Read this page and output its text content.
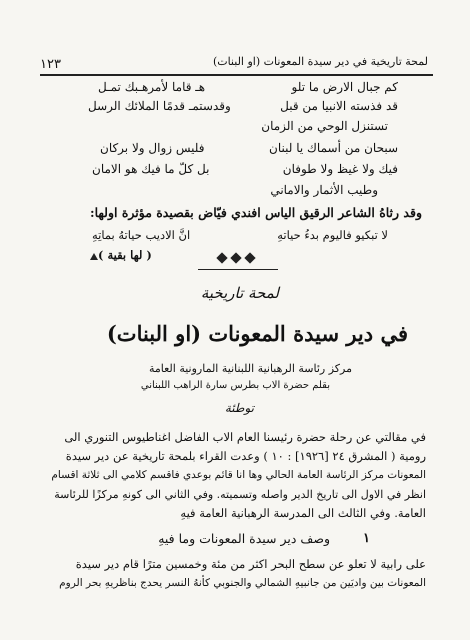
١٢٣	لمحة تاريخية في دير سيدة المعونات (او البنات)
كم جبال الارض ما تلو
هـ قاما لأمرهـبك تمـل
قد فذسته الانبيا من قبل
وقدستمـ قدمًا الملائك الرسل
تستنزل الوحي من الزمان
سبحان من أسماك يا لبنان
فليس زوال ولا بركان
فيك ولا غيظ ولا طوفان
بل كلّ ما فيك هو الامان
وطيب الأثمار والاماني
وقد رثاهُ الشاعر الرقيق الياس افندي فيّاض بقصيدة مؤثرة اولها:
لا تبكيو فاليوم بدءُ حياتهِ
انَّ الاديب حياتهُ بماتِهِ
( لها بقية )
لمحة تاريخية
في دير سيدة المعونات (او البنات)
مركز رئاسة الرهبانية اللبنانية المارونية العامة
بقلم حضرة الاب بطرس سارة الراهب اللبناني
توطئة
في مقالتي عن رحلة حضرة رئيسنا العام الاب الفاضل اغناطيوس التنوري الى
رومية ( المشرق ٢٤ [١٩٢٦] : ١٠ ) وعدت القراء بلمحة تاريخية عن دير سيدة
المعونات مركز الرئاسة العامة الحالي وها انا قائم بوعدي فاقسم كلامي الى ثلاثة اقسام
انظر في الاول الى تاريخ الدير واصله وتسميته. وفي الثاني الى كونهِ مركزًا للرئاسة
العامة. وفي الثالث الى المدرسة الرهبانية العامة فيهِ
١
وصف دير سيدة المعونات وما فيهِ
على رابية لا تعلو عن سطح البحر اكثر من مئة وخمسين مترًا قام دير سيدة
المعونات بين واديَين من جانبيهِ الشمالي والجنوبي كأنهُ النسر يحدج بناظريهِ بحر الروم
